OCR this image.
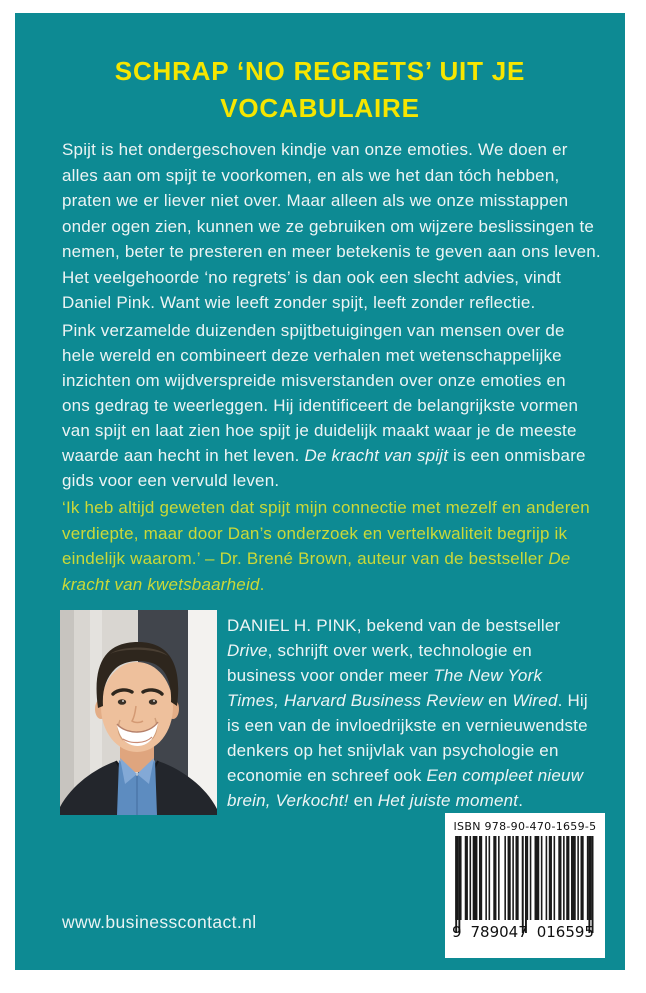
SCHRAP ‘NO REGRETS’ UIT JE
VOCABULAIRE
Spijt is het ondergeschoven kindje van onze emoties. We doen er
alles aan om spijt te voorkomen, en als we het dan tóch hebben,
praten we er liever niet over. Maar alleen als we onze misstappen
onder ogen zien, kunnen we ze gebruiken om wijzere beslissingen te
nemen, beter te presteren en meer betekenis te geven aan ons leven.
Het veelgehoorde ‘no regrets’ is dan ook een slecht advies, vindt
Daniel Pink. Want wie leeft zonder spijt, leeft zonder reflectie.
Pink verzamelde duizenden spijtbetuigingen van mensen over de
hele wereld en combineert deze verhalen met wetenschappelijke
inzichten om wijdverspreide misverstanden over onze emoties en
ons gedrag te weerleggen. Hij identificeert de belangrijkste vormen
van spijt en laat zien hoe spijt je duidelijk maakt waar je de meeste
waarde aan hecht in het leven. De kracht van spijt is een onmisbare
gids voor een vervuld leven.
‘Ik heb altijd geweten dat spijt mijn connectie met mezelf en anderen
verdiepte, maar door Dan’s onderzoek en vertelkwaliteit begrijp ik
eindelijk waarom.’ – Dr. Brené Brown, auteur van de bestseller De
kracht van kwetsbaarheid.
DANIEL H. PINK, bekend van de bestseller
Drive, schrijft over werk, technologie en
business voor onder meer The New York
Times, Harvard Business Review en Wired. Hij
is een van de invloedrijkste en vernieuwendste
denkers op het snijvlak van psychologie en
economie en schreef ook Een compleet nieuw
brein, Verkocht! en Het juiste moment.
ISBN 978-90-470-1659-5
9 789047 016595
www.businesscontact.nl
